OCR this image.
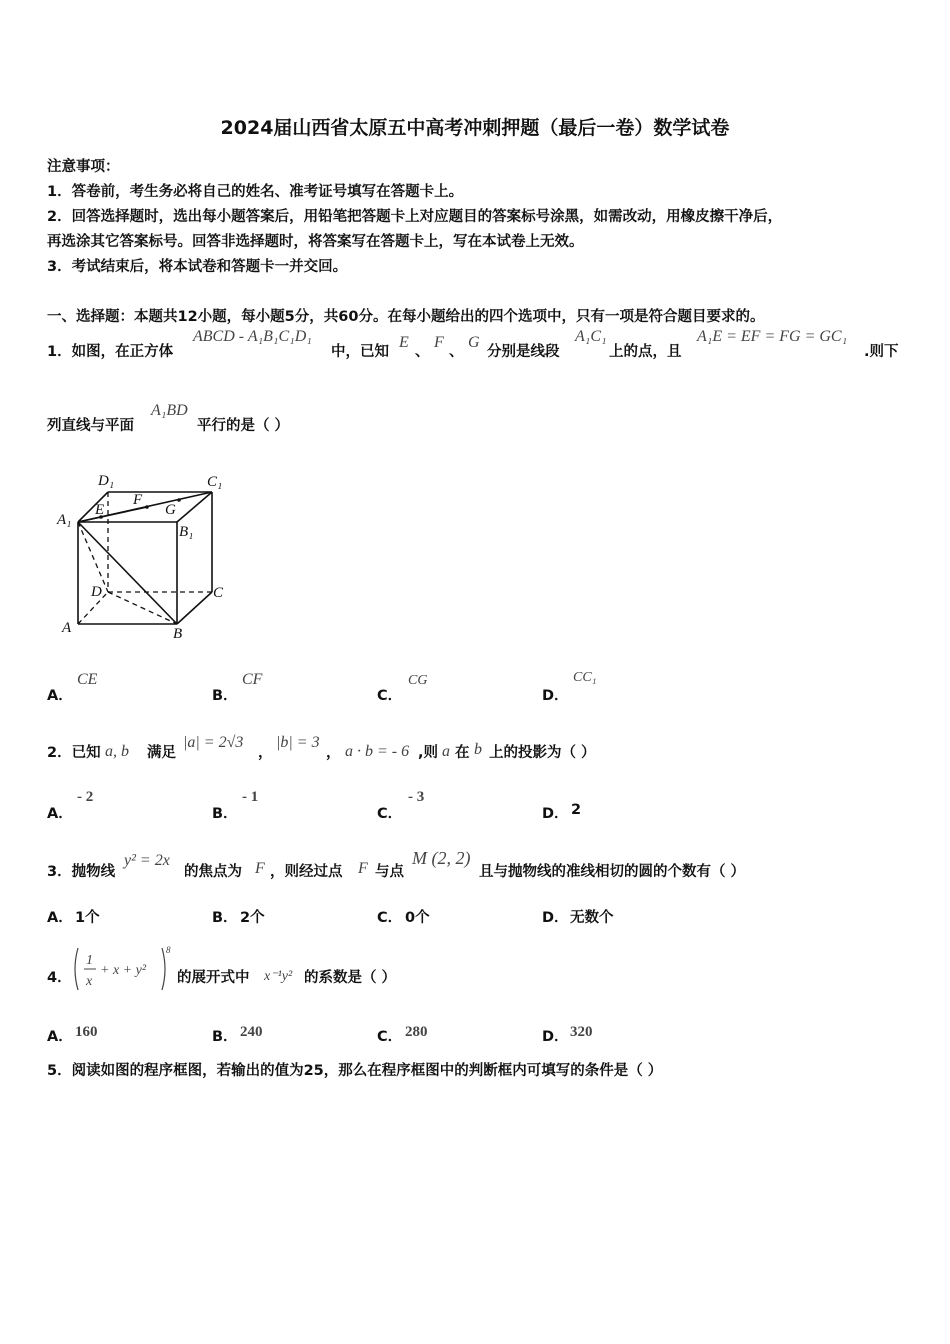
2024届山西省太原五中高考冲刺押题（最后一卷）数学试卷
注意事项：
1．答卷前，考生务必将自己的姓名、准考证号填写在答题卡上。
2．回答选择题时，选出每小题答案后，用铅笔把答题卡上对应题目的答案标号涂黑，如需改动，用橡皮擦干净后，
再选涂其它答案标号。回答非选择题时，将答案写在答题卡上，写在本试卷上无效。
3．考试结束后，将本试卷和答题卡一并交回。
一、选择题：本题共12小题，每小题5分，共60分。在每小题给出的四个选项中，只有一项是符合题目要求的。
1．如图，在正方体
ABCD - A₁B₁C₁D₁
中，已知
E
、
F
、
G
分别是线段
A₁C₁
上的点，且
A₁E = EF = FG = GC₁
.则下
列直线与平面
A₁BD
平行的是（ ）
D₁	C₁
A₁
B₁
E
F
G
D	C
A	B
A．
CE
B．
CF
C．
CG
D．
CC₁
2．已知 a, b 满足
|a| = 2√3
，
|b| = 3
， a · b = - 6 ,则 a 在 b 上的投影为（ ）
A．
- 2
B．
- 1
C．
- 3
D． 2
3．抛物线
y² = 2x
的焦点为 F ，则经过点 F 与点
M (2, 2)
且与抛物线的准线相切的圆的个数有（ ）
A． 1个	B． 2个	C． 0个	D． 无数个
4．
1
x
+ x + y²
8
的展开式中 x⁻¹y² 的系数是（ ）
A． 160	B． 240	C． 280	D． 320
5．阅读如图的程序框图，若输出的值为25，那么在程序框图中的判断框内可填写的条件是（ ）
